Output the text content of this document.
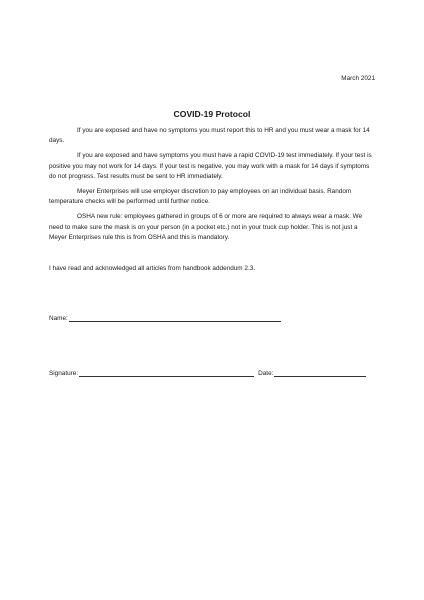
March 2021
COVID-19 Protocol

If you are exposed and have no symptoms you must report this to HR and you must wear a mask for 14 days.

If you are exposed and have symptoms you must have a rapid COVID-19 test immediately. If your test is positive you may not work for 14 days. If your test is negative, you may work with a mask for 14 days if symptoms do not progress. Test results must be sent to HR immediately.

Meyer Enterprises will use employer discretion to pay employees on an individual basis. Random temperature checks will be performed until further notice.

OSHA new rule: employees gathered in groups of 6 or more are required to always wear a mask. We need to make sure the mask is on your person (in a pocket etc.) not in your truck cup holder. This is not just a Meyer Enterprises rule this is from OSHA and this is mandatory.

I have read and acknowledged all articles from handbook addendum 2.3.
Name:
Signature:	Date:
